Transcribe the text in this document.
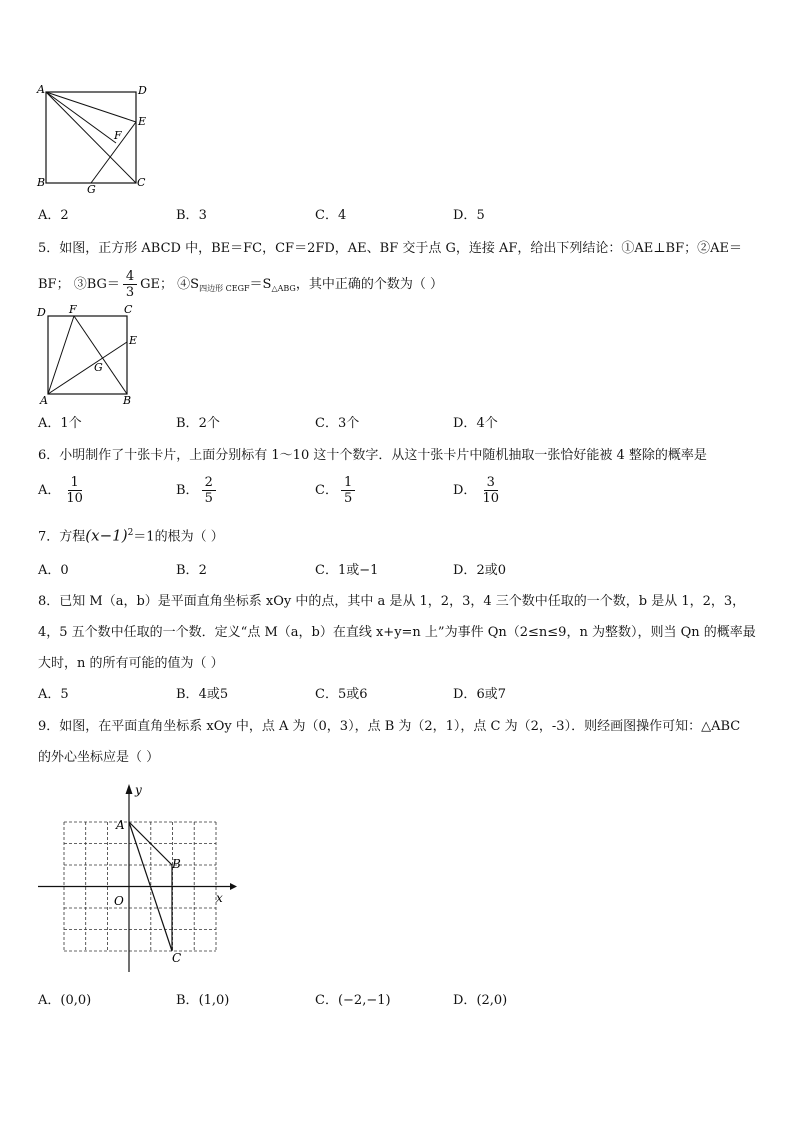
A	D
B	C
E
F
G
A．2	B．3	C．4	D．5
5．如图，正方形 ABCD 中，BE＝FC，CF＝2FD，AE、BF 交于点 G，连接 AF，给出下列结论：①AE⊥BF；②AE＝
BF； ③BG＝ $\frac{4}{3}$ GE； $④S_{四边形 CEGF}=S_{\triangle ABG}$，其中正确的个数为（ ）
D F	C
E
G
A	B
A．1个	B．2个	C．3个	D．4个
6．小明制作了十张卡片，上面分别标有 1～10 这十个数字．从这十张卡片中随机抽取一张恰好能被 4 整除的概率是
A． $\frac{1}{10}$	B． $\frac{2}{5}$	C． $\frac{1}{5}$	D． $\frac{3}{10}$
7．方程$(x-1)^2=1$的根为（ ）
A．0	B．2	C．1或−1	D．2或0
8．已知 M（a，b）是平面直角坐标系 xOy 中的点，其中 a 是从 1，2，3，4 三个数中任取的一个数，b 是从 1，2，3，
4，5 五个数中任取的一个数．定义“点 M（a，b）在直线 x+y=n 上”为事件 Qn（2≤n≤9，n 为整数），则当 Qn 的概率最
大时，n 的所有可能的值为（ ）
A．5	B．4或5	C．5或6	D．6或7
9．如图，在平面直角坐标系 xOy 中，点 A 为（0，3），点 B 为（2，1），点 C 为（2，-3）．则经画图操作可知：△ABC
的外心坐标应是（ ）
y
x
O
A
B
C
A．(0,0)	B．(1,0)	C．(−2,−1)	D．(2,0)
